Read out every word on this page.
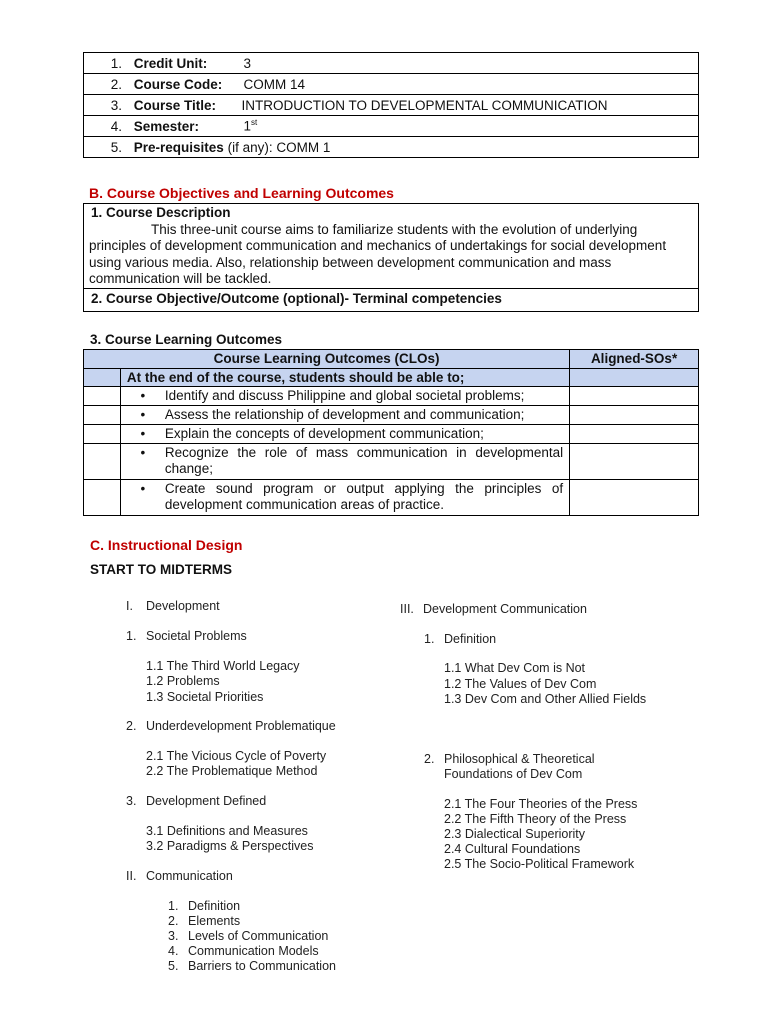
1. Credit Unit:	3
2. Course Code: COMM 14
3. Course Title: INTRODUCTION TO DEVELOPMENTAL COMMUNICATION
4. Semester:	1st
5. Pre-requisites (if any): COMM 1
B. Course Objectives and Learning Outcomes
1. Course Description
This three-unit course aims to familiarize students with the evolution of underlying principles of development communication and mechanics of undertakings for social development using various media. Also, relationship between development communication and mass communication will be tackled.
2. Course Objective/Outcome (optional)- Terminal competencies
3. Course Learning Outcomes
Course Learning Outcomes (CLOs)		Aligned-SOs*
	At the end of the course, students should be able to;	
	• Identify and discuss Philippine and global societal problems;	
	• Assess the relationship of development and communication;	
	• Explain the concepts of development communication;	

	• Recognize the role of mass communication in developmental change;	

	• Create sound program or output applying the principles of development communication areas of practice.	

C. Instructional Design
START TO MIDTERMS
I. Development
1. Societal Problems
1.1 The Third World Legacy
1.2 Problems
1.3 Societal Priorities
2. Underdevelopment Problematique
2.1 The Vicious Cycle of Poverty
2.2 The Problematique Method
3. Development Defined
3.1 Definitions and Measures
3.2 Paradigms & Perspectives
II. Communication
1. Definition
2. Elements
3. Levels of Communication
4. Communication Models
5. Barriers to Communication
III. Development Communication
1. Definition
1.1 What Dev Com is Not
1.2 The Values of Dev Com
1.3 Dev Com and Other Allied Fields
2. Philosophical & Theoretical
Foundations of Dev Com
2.1 The Four Theories of the Press
2.2 The Fifth Theory of the Press
2.3 Dialectical Superiority
2.4 Cultural Foundations
2.5 The Socio-Political Framework
